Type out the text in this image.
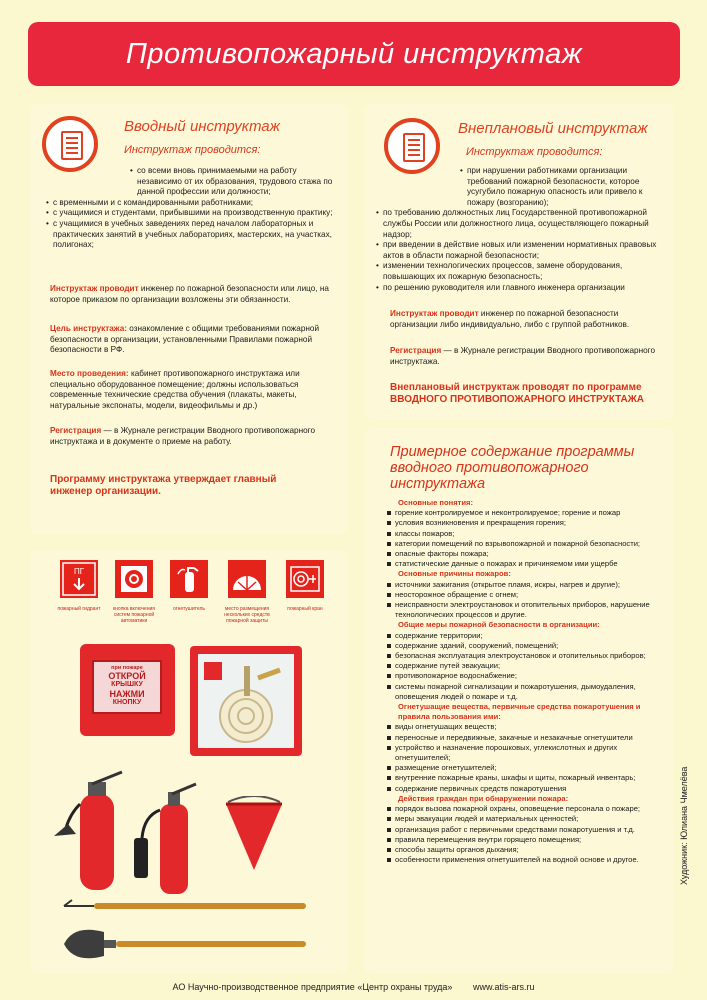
Противопожарный инструктаж
Вводный инструктаж
Инструктаж проводится:
• со всеми вновь принимаемыми на работу независимо от их образования, трудового стажа по данной профессии или должности;
• с временными и с командированными работниками;
• с учащимися и студентами, прибывшими на производственную практику;
• с учащимися в учебных заведениях перед началом лабораторных и практических занятий в учебных лабораториях, мастерских, на участках, полигонах;
Инструктаж проводит инженер по пожарной безопасности или лицо, на которое приказом по организации возложены эти обязанности.
Цель инструктажа: ознакомление с общими требованиями пожарной безопасности в организации, установленными Правилами пожарной безопасности в РФ.
Место проведения: кабинет противопожарного инструктажа или специально оборудованное помещение; должны использоваться современные технические средства обучения (плакаты, макеты, натуральные экспонаты, модели, видеофильмы и др.)
Регистрация — в Журнале регистрации Вводного противопожарного инструктажа и в документе о приеме на работу.
Программу инструктажа утверждает главный инженер организации.
Внеплановый инструктаж
Инструктаж проводится:
• при нарушении работниками организации требований пожарной безопасности, которое усугубило пожарную опасность или привело к пожару (возгоранию);
• по требованию должностных лиц Государственной противопожарной службы России или должностного лица, осуществляющего пожарный надзор;
• при введении в действие новых или изменении нормативных правовых актов в области пожарной безопасности;
• изменении технологических процессов, замене оборудования, повышающих их пожарную безопасность;
• по решению руководителя или главного инженера организации
Инструктаж проводит инженер по пожарной безопасности организации либо индивидуально, либо с группой работников.
Регистрация — в Журнале регистрации Вводного противопожарного инструктажа.
Внеплановый инструктаж проводят по программе ВВОДНОГО ПРОТИВОПОЖАРНОГО ИНСТРУКТАЖА
Примерное содержание программы вводного противопожарного инструктажа
Основные понятия:
горение контролируемое и неконтролируемое; горение и пожар
условия возникновения и прекращения горения;
классы пожаров;
категории помещений по взрывопожарной и пожарной безопасности;
опасные факторы пожара;
статистические данные о пожарах и причиняемом ими ущербе
Основные причины пожаров:
источники зажигания (открытое пламя, искры, нагрев и другие);
неосторожное обращение с огнем;
неисправности электроустановок и отопительных приборов, нарушение технологических процессов и другие.
Общие меры пожарной безопасности в организации:
содержание территории;
содержание зданий, сооружений, помещений;
безопасная эксплуатация электроустановок и отопительных приборов;
содержание путей эвакуации;
противопожарное водоснабжение;
системы пожарной сигнализации и пожаротушения, дымоудаления, оповещения людей о пожаре и т.д.
Огнетушащие вещества, первичные средства пожаротушения и правила пользования ими:
виды огнетушащих веществ;
переносные и передвижные, закачные и незакачные огнетушители
устройство и назначение порошковых, углекислотных и других огнетушителей;
размещение огнетушителей;
внутренние пожарные краны, шкафы и щиты, пожарный инвентарь;
содержание первичных средств пожаротушения
Действия граждан при обнаружении пожара:
порядок вызова пожарной охраны, оповещение персонала о пожаре;
меры эвакуации людей и материальных ценностей;
организация работ с первичными средствами пожаротушения и т.д.
правила перемещения внутри горящего помещения;
способы защиты органов дыхания;
особенности применения огнетушителей на водной основе и другое.
ПГ
пожарный гидрант	кнопка включения систем пожарной автоматики
огнетушитель	место размещения нескольких средств пожарной защиты
пожарный кран
при пожаре
ОТКРОЙ
КРЫШКУ
НАЖМИ
КНОПКУ
Художник: Юлиана Чмелёва
АО Научно-производственное предприятие «Центр охраны труда» www.atis-ars.ru
